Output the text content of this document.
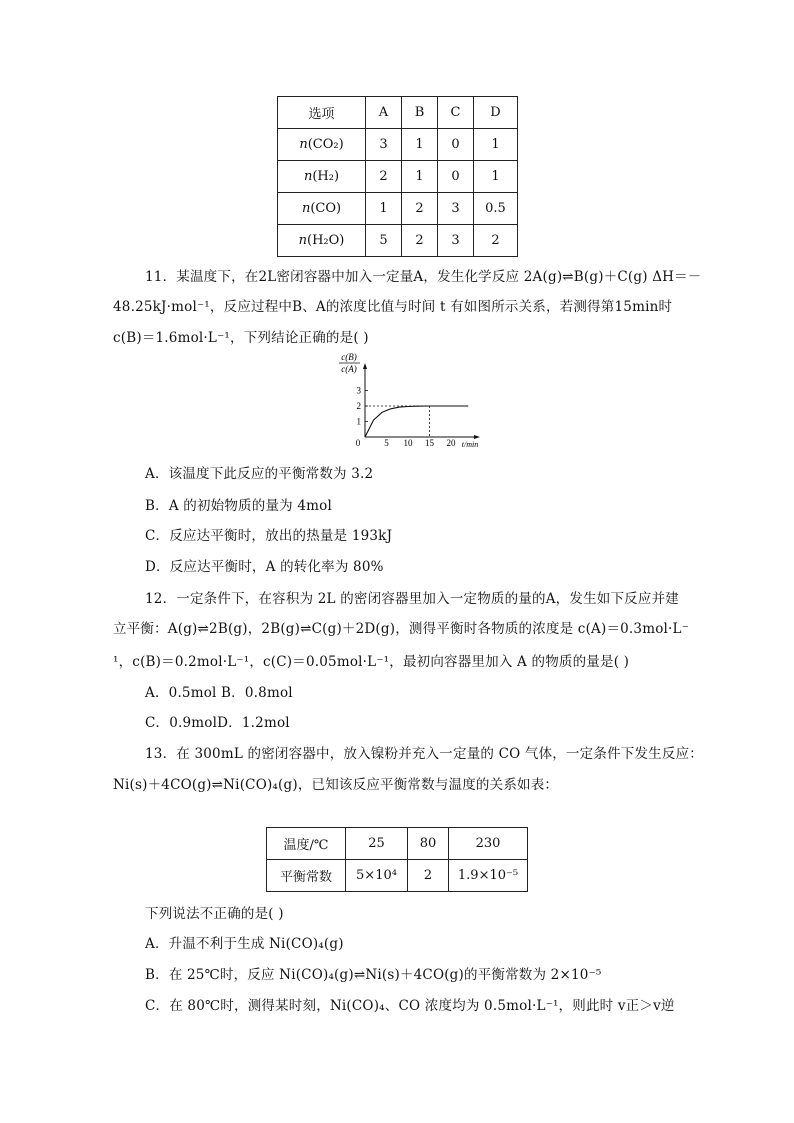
选项	A	B	C	D
n(CO₂)	3	1	0	1
n(H₂)	2	1	0	1
n(CO)	1	2	3	0.5
n(H₂O)	5	2	3	2
11．某温度下，在2L密闭容器中加入一定量A，发生化学反应 2A(g)⇌B(g)＋C(g) ΔH＝－
48.25kJ·mol⁻¹，反应过程中B、A的浓度比值与时间 t 有如图所示关系，若测得第15min时
c(B)＝1.6mol·L⁻¹，下列结论正确的是( )
c(B)
c(A)
5 10 15 20
1
2
3
0	t/min
A．该温度下此反应的平衡常数为 3.2
B．A 的初始物质的量为 4mol
C．反应达平衡时，放出的热量是 193kJ
D．反应达平衡时，A 的转化率为 80%
12．一定条件下，在容积为 2L 的密闭容器里加入一定物质的量的A，发生如下反应并建
立平衡：A(g)⇌2B(g)，2B(g)⇌C(g)＋2D(g)，测得平衡时各物质的浓度是 c(A)＝0.3mol·L⁻
¹，c(B)＝0.2mol·L⁻¹，c(C)＝0.05mol·L⁻¹，最初向容器里加入 A 的物质的量是( )
A．0.5mol B．0.8mol
C．0.9molD．1.2mol
13．在 300mL 的密闭容器中，放入镍粉并充入一定量的 CO 气体，一定条件下发生反应：
Ni(s)＋4CO(g)⇌Ni(CO)₄(g)，已知该反应平衡常数与温度的关系如表：
温度/℃	25	80	230
平衡常数	5×10⁴	2	1.9×10⁻⁵
下列说法不正确的是( )
A．升温不利于生成 Ni(CO)₄(g)
B．在 25℃时，反应 Ni(CO)₄(g)⇌Ni(s)＋4CO(g)的平衡常数为 2×10⁻⁵
C．在 80℃时，测得某时刻，Ni(CO)₄、CO 浓度均为 0.5mol·L⁻¹，则此时 v正＞v逆
